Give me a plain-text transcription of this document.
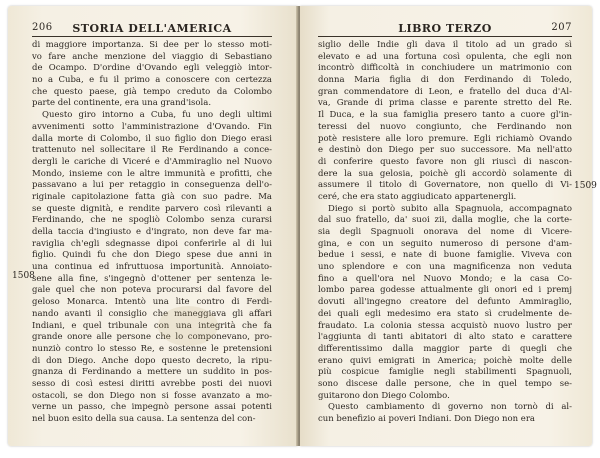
206	STORIA DELL'AMERICA
di maggiore importanza. Si dee per lo stesso moti-
vo fare anche menzione del viaggio di Sebastiano
de Ocampo. D'ordine d'Ovando egli veleggiò intor-
no a Cuba, e fu il primo a conoscere con certezza
che questo paese, già tempo creduto da Colombo
parte del continente, era una grand'isola.
Questo giro intorno a Cuba, fu uno degli ultimi
avvenimenti sotto l'amministrazione d'Ovando. Fin
dalla morte di Colombo, il suo figlio don Diego erasi
trattenuto nel sollecitare il Re Ferdinando a conce-
dergli le cariche di Viceré e d'Ammiraglio nel Nuovo
Mondo, insieme con le altre immunità e profitti, che
passavano a lui per retaggio in conseguenza dell'o-
riginale capitolazione fatta già con suo padre. Ma
se queste dignità, e rendite parvero così rilevanti a
Ferdinando, che ne spogliò Colombo senza curarsi
della taccia d'ingiusto e d'ingrato, non deve far ma-
raviglia ch'egli sdegnasse dipoi conferirle al di lui
figlio. Quindi fu che don Diego spese due anni in
una continua ed infruttuosa importunità. Annoiato-
sene alla fine, s'ingegnò d'ottener per sentenza le-
gale quel che non poteva procurarsi dal favore del
geloso Monarca. Intentò una lite contro di Ferdi-
nando avanti il consiglio che maneggiava gli affari
Indiani, e quel tribunale con una integrità che fa
grande onore alle persone che lo componevano, pro-
nunziò contro lo stesso Re, e sostenne le pretensioni
di don Diego. Anche dopo questo decreto, la ripu-
gnanza di Ferdinando a mettere un suddito in pos-
sesso di così estesi diritti avrebbe posti dei nuovi
ostacoli, se don Diego non si fosse avanzato a mo-
verne un passo, che impegnò persone assai potenti
nel buon esito della sua causa. La sentenza del con-
1508
LIBRO TERZO	207
siglio delle Indie gli dava il titolo ad un grado sì
elevato e ad una fortuna così opulenta, che egli non
incontrò difficoltà in conchiudere un matrimonio con
donna Maria figlia di don Ferdinando di Toledo,
gran commendatore di Leon, e fratello del duca d'Al-
va, Grande di prima classe e parente stretto del Re.
Il Duca, e la sua famiglia presero tanto a cuore gl'in-
teressi del nuovo congiunto, che Ferdinando non
potè resistere alle loro premure. Egli richiamò Ovando
e destinò don Diego per suo successore. Ma nell'atto
di conferire questo favore non gli riuscì di nascon-
dere la sua gelosia, poichè gli accordò solamente di
assumere il titolo di Governatore, non quello di Vi-
ceré, che era stato aggiudicato appartenergli.
Diego si portò subito alla Spagnuola, accompagnato
dal suo fratello, da' suoi zii, dalla moglie, che la corte-
sia degli Spagnuoli onorava del nome di Vicere-
gina, e con un seguito numeroso di persone d'am-
bedue i sessi, e nate di buone famiglie. Viveva con
uno splendore e con una magnificenza non veduta
fino a quell'ora nel Nuovo Mondo; e la casa Co-
lombo parea godesse attualmente gli onori ed i premj
dovuti all'ingegno creatore del defunto Ammiraglio,
dei quali egli medesimo era stato sì crudelmente de-
fraudato. La colonia stessa acquistò nuovo lustro per
l'aggiunta di tanti abitatori di alto stato e carattere
differentissimo dalla maggior parte di quegli che
erano quivi emigrati in America; poichè molte delle
più cospicue famiglie negli stabilimenti Spagnuoli,
sono discese dalle persone, che in quel tempo se-
guitarono don Diego Colombo.
Questo cambiamento di governo non tornò di al-
cun benefizio ai poveri Indiani. Don Diego non era
1509
